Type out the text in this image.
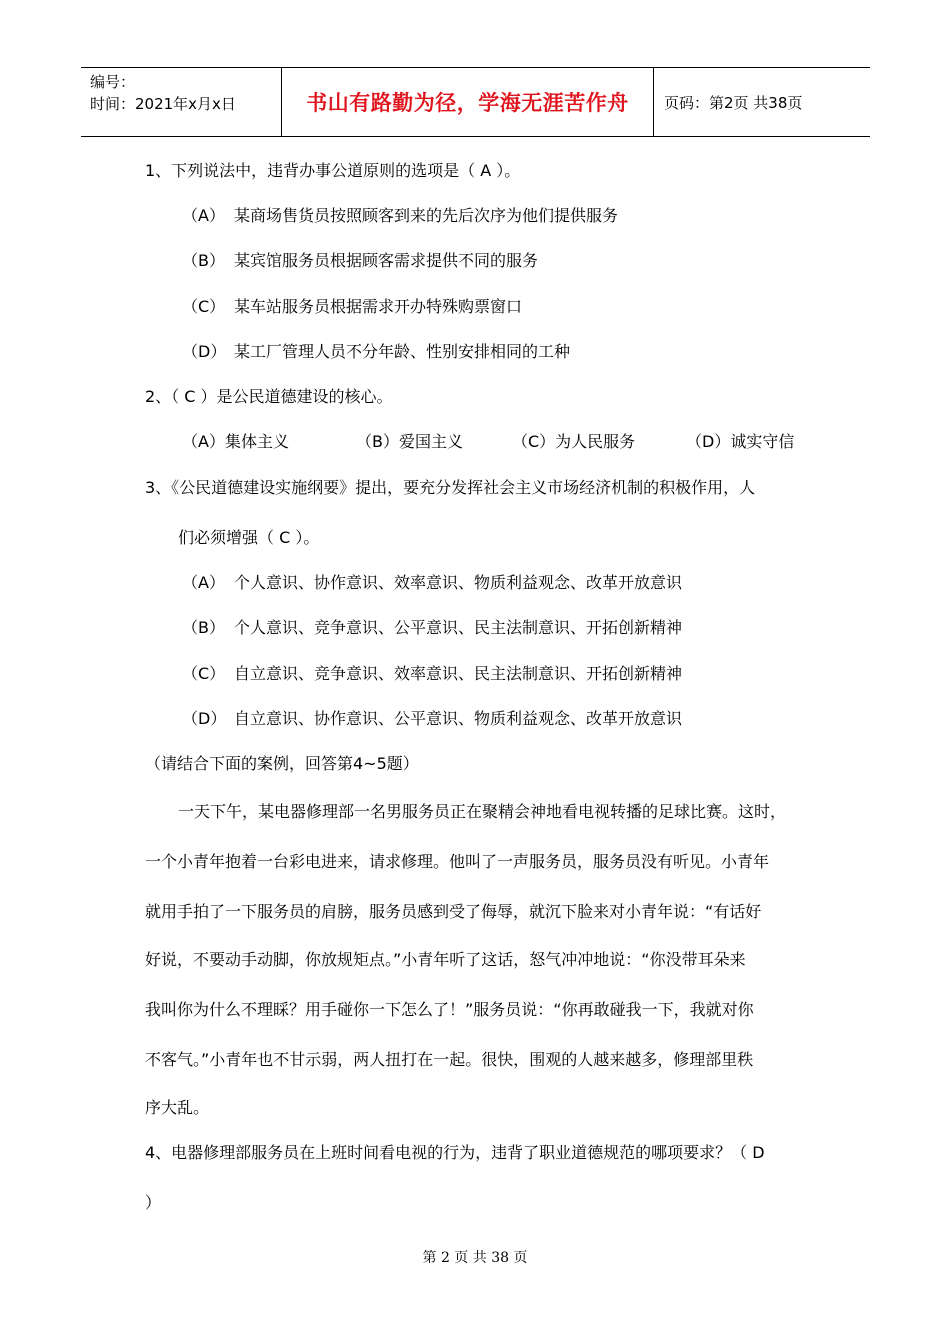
编号：
时间：2021年x月x日	书山有路勤为径，学海无涯苦作舟 页码：第2页 共38页
1、下列说法中，违背办事公道原则的选项是（ A ）。
（A） 某商场售货员按照顾客到来的先后次序为他们提供服务
（B） 某宾馆服务员根据顾客需求提供不同的服务
（C） 某车站服务员根据需求开办特殊购票窗口
（D） 某工厂管理人员不分年龄、性别安排相同的工种
2、（ C ）是公民道德建设的核心。
（A）集体主义	（B）爱国主义	（C）为人民服务	（D）诚实守信
3、《公民道德建设实施纲要》提出，要充分发挥社会主义市场经济机制的积极作用，人
们必须增强（ C ）。
（A） 个人意识、协作意识、效率意识、物质利益观念、改革开放意识
（B） 个人意识、竞争意识、公平意识、民主法制意识、开拓创新精神
（C） 自立意识、竞争意识、效率意识、民主法制意识、开拓创新精神
（D） 自立意识、协作意识、公平意识、物质利益观念、改革开放意识
（请结合下面的案例，回答第4~5题）
一天下午，某电器修理部一名男服务员正在聚精会神地看电视转播的足球比赛。这时，
一个小青年抱着一台彩电进来，请求修理。他叫了一声服务员，服务员没有听见。小青年
就用手拍了一下服务员的肩膀，服务员感到受了侮辱，就沉下脸来对小青年说：“有话好
好说，不要动手动脚，你放规矩点。”小青年听了这话，怒气冲冲地说：“你没带耳朵来
我叫你为什么不理睬？用手碰你一下怎么了！”服务员说：“你再敢碰我一下，我就对你
不客气。”小青年也不甘示弱，两人扭打在一起。很快，围观的人越来越多，修理部里秩
序大乱。
4、电器修理部服务员在上班时间看电视的行为，违背了职业道德规范的哪项要求？（ D
）
第 2 页 共 38 页
